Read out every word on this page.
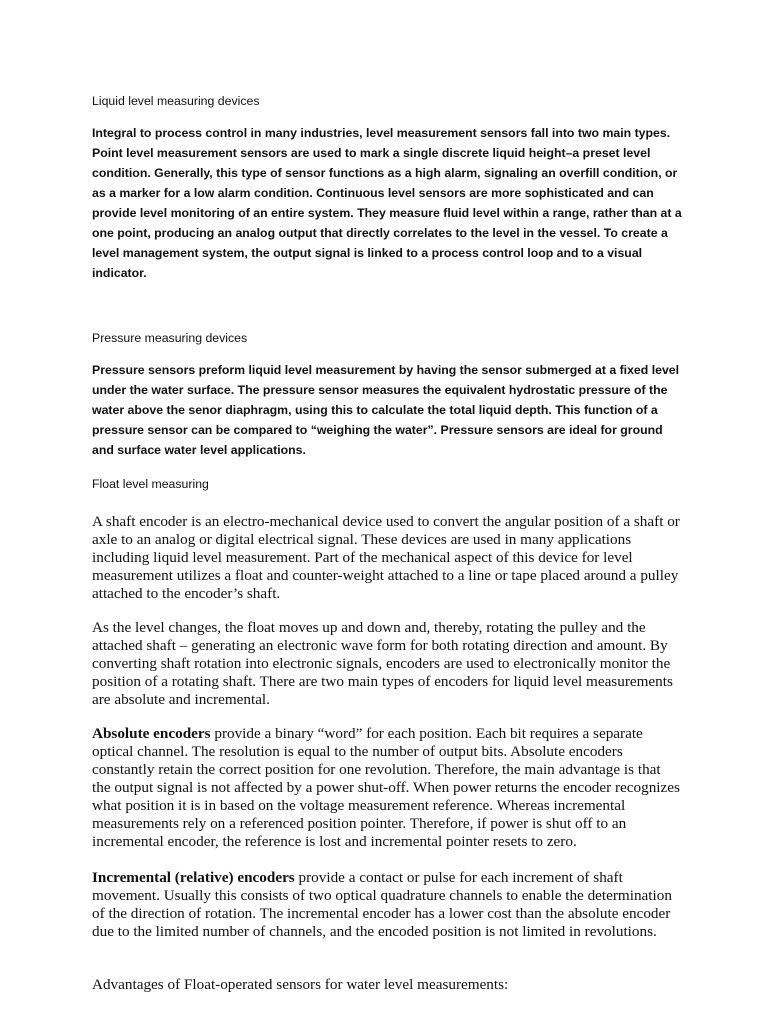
Liquid level measuring devices

Integral to process control in many industries, level measurement sensors fall into two main types. Point level measurement sensors are used to mark a single discrete liquid height–a preset level condition. Generally, this type of sensor functions as a high alarm, signaling an overfill condition, or as a marker for a low alarm condition. Continuous level sensors are more sophisticated and can provide level monitoring of an entire system. They measure fluid level within a range, rather than at a one point, producing an analog output that directly correlates to the level in the vessel. To create a level management system, the output signal is linked to a process control loop and to a visual indicator.

Pressure measuring devices

Pressure sensors preform liquid level measurement by having the sensor submerged at a fixed level under the water surface. The pressure sensor measures the equivalent hydrostatic pressure of the water above the senor diaphragm, using this to calculate the total liquid depth. This function of a pressure sensor can be compared to “weighing the water”. Pressure sensors are ideal for ground and surface water level applications.

Float level measuring

A shaft encoder is an electro-mechanical device used to convert the angular position of a shaft or axle to an analog or digital electrical signal. These devices are used in many applications including liquid level measurement. Part of the mechanical aspect of this device for level measurement utilizes a float and counter-weight attached to a line or tape placed around a pulley attached to the encoder’s shaft.

As the level changes, the float moves up and down and, thereby, rotating the pulley and the attached shaft – generating an electronic wave form for both rotating direction and amount. By converting shaft rotation into electronic signals, encoders are used to electronically monitor the position of a rotating shaft. There are two main types of encoders for liquid level measurements are absolute and incremental.

Absolute encoders provide a binary “word” for each position. Each bit requires a separate optical channel. The resolution is equal to the number of output bits. Absolute encoders constantly retain the correct position for one revolution. Therefore, the main advantage is that the output signal is not affected by a power shut-off. When power returns the encoder recognizes what position it is in based on the voltage measurement reference. Whereas incremental measurements rely on a referenced position pointer. Therefore, if power is shut off to an incremental encoder, the reference is lost and incremental pointer resets to zero.

Incremental (relative) encoders provide a contact or pulse for each increment of shaft movement. Usually this consists of two optical quadrature channels to enable the determination of the direction of rotation. The incremental encoder has a lower cost than the absolute encoder due to the limited number of channels, and the encoded position is not limited in revolutions.

Advantages of Float-operated sensors for water level measurements:
